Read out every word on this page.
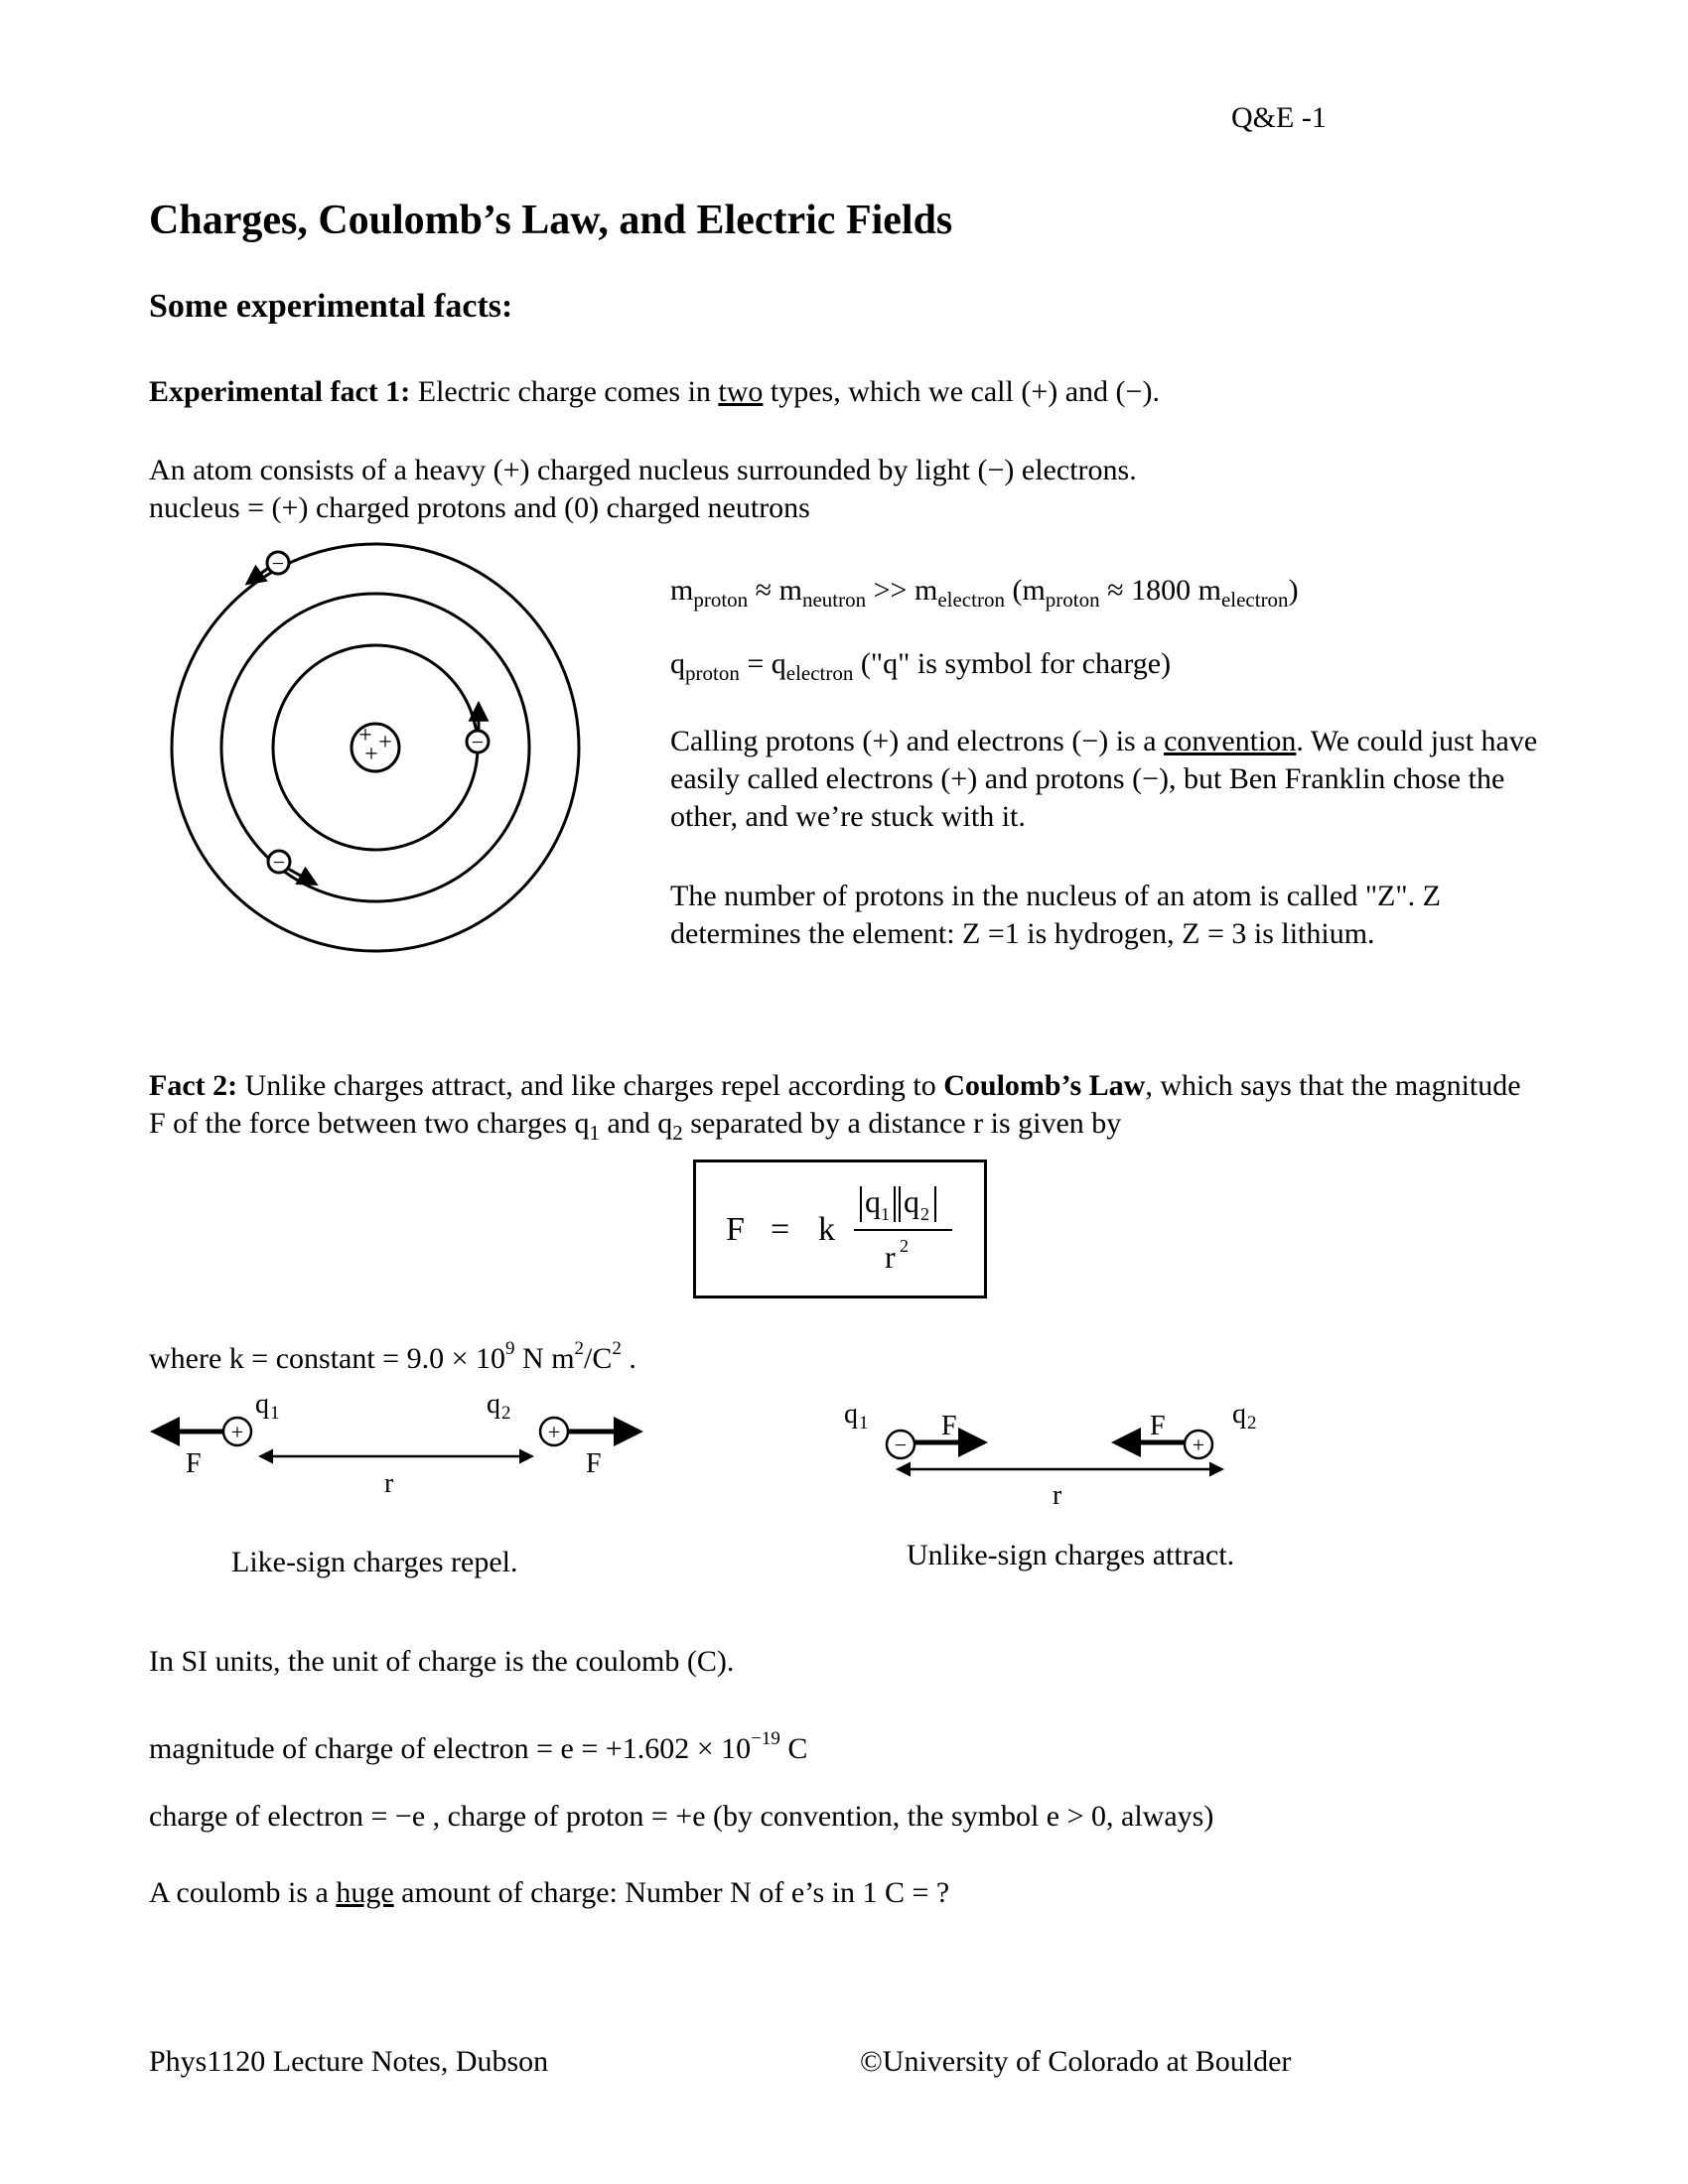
Q&E -1
Charges, Coulomb’s Law, and Electric Fields
Some experimental facts:
Experimental fact 1: Electric charge comes in two types, which we call (+) and (−).
An atom consists of a heavy (+) charged nucleus surrounded by light (−) electrons.
nucleus = (+) charged protons and (0) charged neutrons
+ +
+
−
−
−
$m_{proton} \approx m_{neutron} >> m_{electron}$ ($m_{proton} \approx 1800$ $m_{electron}$)
$q_{proton} = q_{electron}$ ("q" is symbol for charge)
Calling protons (+) and electrons (−) is a convention. We could just have easily called electrons (+) and protons (−), but Ben Franklin chose the other, and we’re stuck with it.
The number of protons in the nucleus of an atom is called "Z". Z determines the element: Z =1 is hydrogen, Z = 3 is lithium.
Fact 2: Unlike charges attract, and like charges repel according to Coulomb’s Law, which says that the magnitude F of the force between two charges $q_1$ and $q_2$ separated by a distance r is given by
F = k
q 1 q 2
r 2
where k = constant = $9.0 \times 10^9$ N $m^2/C^2$ .
q 1	q 2
+	+
F	F
r
Like-sign charges repel.
q 1	q 2
F	F
−	+
r
Unlike-sign charges attract.
In SI units, the unit of charge is the coulomb (C).
magnitude of charge of electron = $e = +1.602 \times 10^{-19}$ C
charge of electron = −e , charge of proton = +e (by convention, the symbol e > 0, always)
A coulomb is a huge amount of charge: Number N of e’s in 1 C = ?
Phys1120 Lecture Notes, Dubson	©University of Colorado at Boulder
